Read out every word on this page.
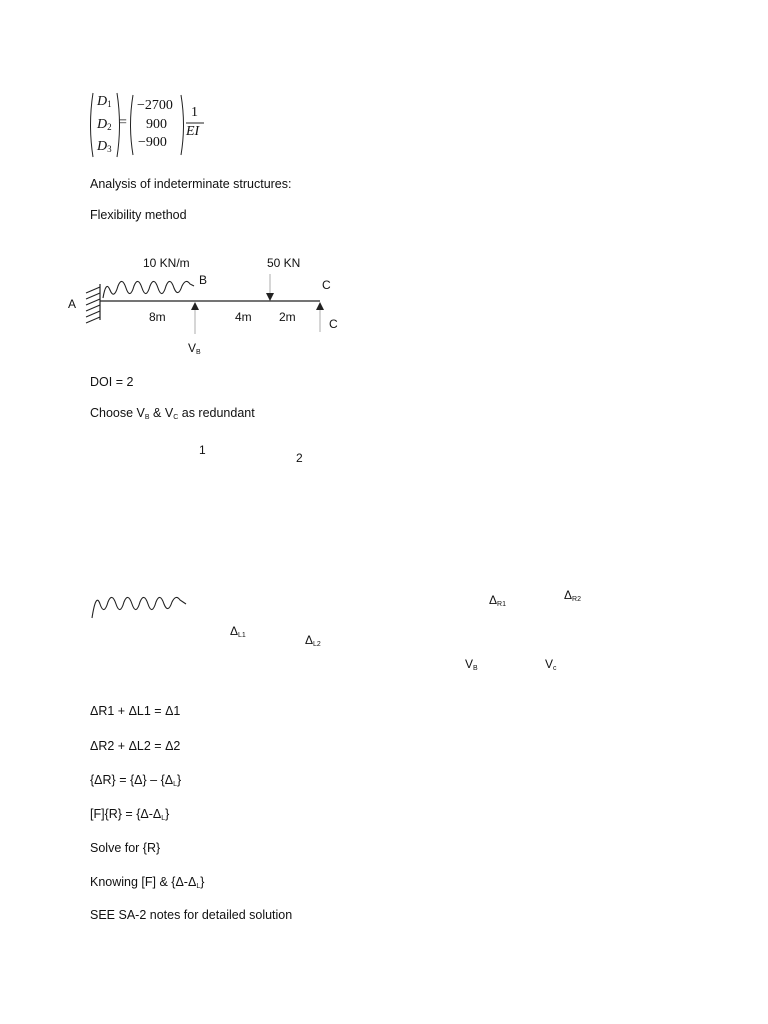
$D_1$
$D_2$
$D_3$
=
−2700
900
−900
1
EI
Analysis of indeterminate structures:
Flexibility method
10 KN/m	50 KN
B	C
A
8m	4m 2m	C
$V_B$
DOI = 2
Choose $V_B$ & $V_C$ as redundant
1
2
$\Delta_{R1}$
$\Delta_{R2}$
$\Delta_{L1}$	$\Delta_{L2}$
$V_B$	$V_c$
ΔR1 + ΔL1 = Δ1
ΔR2 + ΔL2 = Δ2
$\{\Delta R\} = \{\Delta\} - \{\Delta_L\}$
$[F]\{R\} = \{\Delta-\Delta_L\}$
Solve for {R}
Knowing [F] & $\{\Delta-\Delta_L\}$
SEE SA-2 notes for detailed solution
